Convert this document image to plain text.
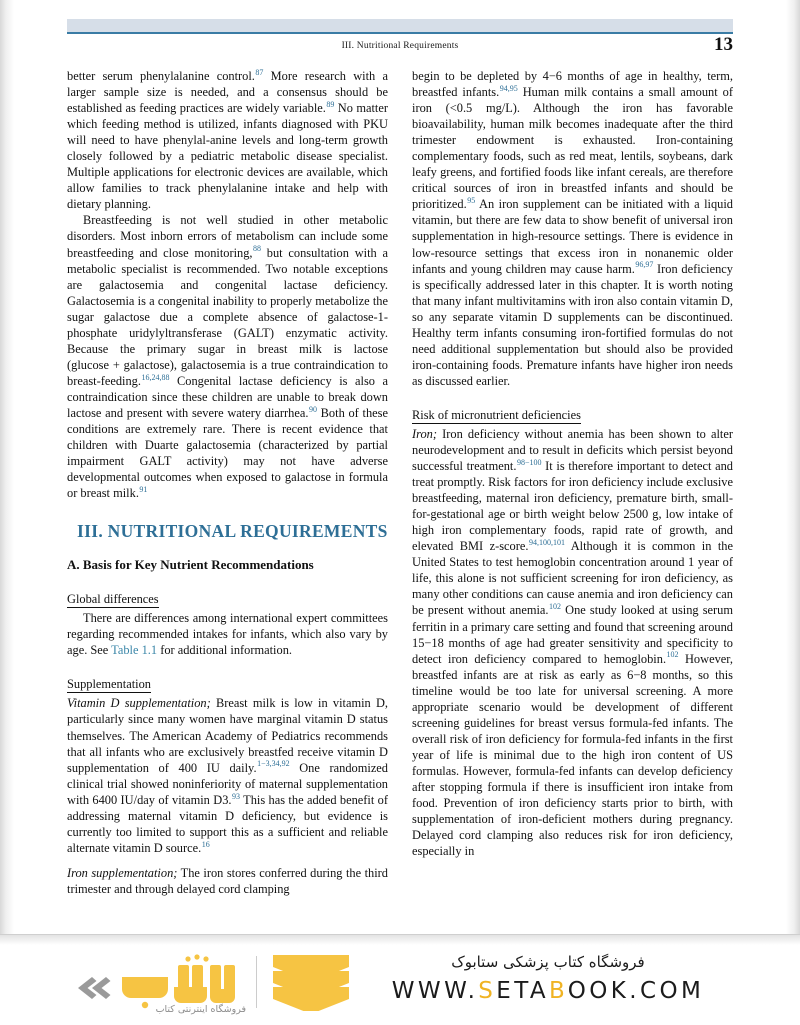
III. Nutritional Requirements	13

better serum phenylalanine control.$^{87}$ More research with a larger sample size is needed, and a consensus should be established as feeding practices are widely variable.$^{89}$ No matter which feeding method is utilized, infants diagnosed with PKU will need to have phenylal-anine levels and long-term growth closely followed by a pediatric metabolic disease specialist. Multiple applications for electronic devices are available, which allow families to track phenylalanine intake and help with dietary planning.

Breastfeeding is not well studied in other metabolic disorders. Most inborn errors of metabolism can include some breastfeeding and close monitoring,$^{88}$ but consultation with a metabolic specialist is recommended. Two notable exceptions are galactosemia and congenital lactase deficiency. Galactosemia is a congenital inability to properly metabolize the sugar galactose due a complete absence of galactose-1-phosphate uridylyltransferase (GALT) enzymatic activity. Because the primary sugar in breast milk is lactose (glucose + galactose), galactosemia is a true contraindication to breast-feeding.$^{16,24,88}$ Congenital lactase deficiency is also a contraindication since these children are unable to break down lactose and present with severe watery diarrhea.$^{90}$ Both of these conditions are extremely rare. There is recent evidence that children with Duarte galactosemia (characterized by partial impairment GALT activity) may not have adverse developmental outcomes when exposed to galactose in formula or breast milk.$^{91}$

III. NUTRITIONAL REQUIREMENTS
A. Basis for Key Nutrient Recommendations
Global differences

There are differences among international expert committees regarding recommended intakes for infants, which also vary by age. See Table 1.1 for additional information.

Supplementation

Vitamin D supplementation; Breast milk is low in vitamin D, particularly since many women have marginal vitamin D status themselves. The American Academy of Pediatrics recommends that all infants who are exclusively breastfed receive vitamin D supplementation of 400 IU daily.$^{1-3,34,92}$ One randomized clinical trial showed noninferiority of maternal supplementation with 6400 IU/day of vitamin D3.93 This has the added benefit of addressing maternal vitamin D deficiency, but evidence is currently too limited to support this as a sufficient and reliable alternate vitamin D source.$^{16}$

Iron supplementation; The iron stores conferred during the third trimester and through delayed cord clamping

begin to be depleted by 4−6 months of age in healthy, term, breastfed infants.$^{94,95}$ Human milk contains a small amount of iron (<0.5 mg/L). Although the iron has favorable bioavailability, human milk becomes inadequate after the third trimester endowment is exhausted. Iron-containing complementary foods, such as red meat, lentils, soybeans, dark leafy greens, and fortified foods like infant cereals, are therefore critical sources of iron in breastfed infants and should be prioritized.$^{95}$ An iron supplement can be initiated with a liquid vitamin, but there are few data to show benefit of universal iron supplementation in high-resource settings. There is evidence in low-resource settings that excess iron in nonanemic older infants and young children may cause harm.$^{96,97}$ Iron deficiency is specifically addressed later in this chapter. It is worth noting that many infant multivitamins with iron also contain vitamin D, so any separate vitamin D supplements can be discontinued. Healthy term infants consuming iron-fortified formulas do not need additional supplementation but should also be provided iron-containing foods. Premature infants have higher iron needs as discussed earlier.

Risk of micronutrient deficiencies

Iron; Iron deficiency without anemia has been shown to alter neurodevelopment and to result in deficits which persist beyond successful treatment.$^{98-100}$ It is therefore important to detect and treat promptly. Risk factors for iron deficiency include exclusive breastfeeding, maternal iron deficiency, premature birth, small-for-gestational age or birth weight below 2500 g, low intake of high iron complementary foods, rapid rate of growth, and elevated BMI z-score.$^{94,100,101}$ Although it is common in the United States to test hemoglobin concentration around 1 year of life, this alone is not sufficient screening for iron deficiency, as many other conditions can cause anemia and iron deficiency can be present without anemia.$^{102}$ One study looked at using serum ferritin in a primary care setting and found that screening around 15−18 months of age had greater sensitivity and specificity to detect iron deficiency compared to hemoglobin.$^{102}$ However, breastfed infants are at risk as early as 6−8 months, so this timeline would be too late for universal screening. A more appropriate scenario would be development of different screening guidelines for breast versus formula-fed infants. The overall risk of iron deficiency for formula-fed infants in the first year of life is minimal due to the high iron content of US formulas. However, formula-fed infants can develop deficiency after stopping formula if there is insufficient iron intake from food. Prevention of iron deficiency starts prior to birth, with supplementation of iron-deficient mothers during pregnancy. Delayed cord clamping also reduces risk for iron deficiency, especially in

فروشگاه اینترنتی کتاب
فروشگاه کتاب پزشکی ستابوک
WWW.SETABOOK.COM
